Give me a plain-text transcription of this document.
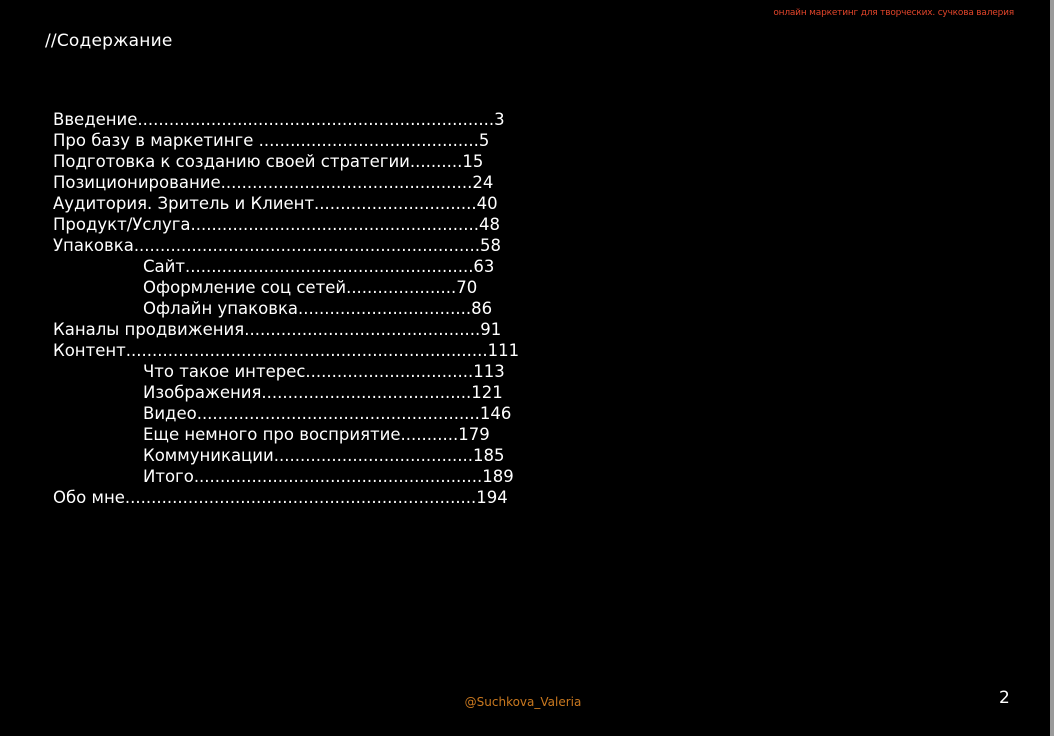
онлайн маркетинг для творческих. сучкова валерия
//Содержание
Введение....................................................................3
Про базу в маркетинге ..........................................5
Подготовка к созданию своей стратегии..........15
Позиционирование................................................24
Аудитория. Зритель и Клиент...............................40
Продукт/Услуга.......................................................48
Упаковка..................................................................58
Сайт.......................................................63
Оформление соц сетей.....................70
Офлайн упаковка.................................86
Каналы продвижения.............................................91
Контент.....................................................................111
Что такое интерес................................113
Изображения........................................121
Видео......................................................146
Еще немного про восприятие...........179
Коммуникации......................................185
Итого.......................................................189
Обо мне...................................................................194
@Suchkova_Valeria	2
